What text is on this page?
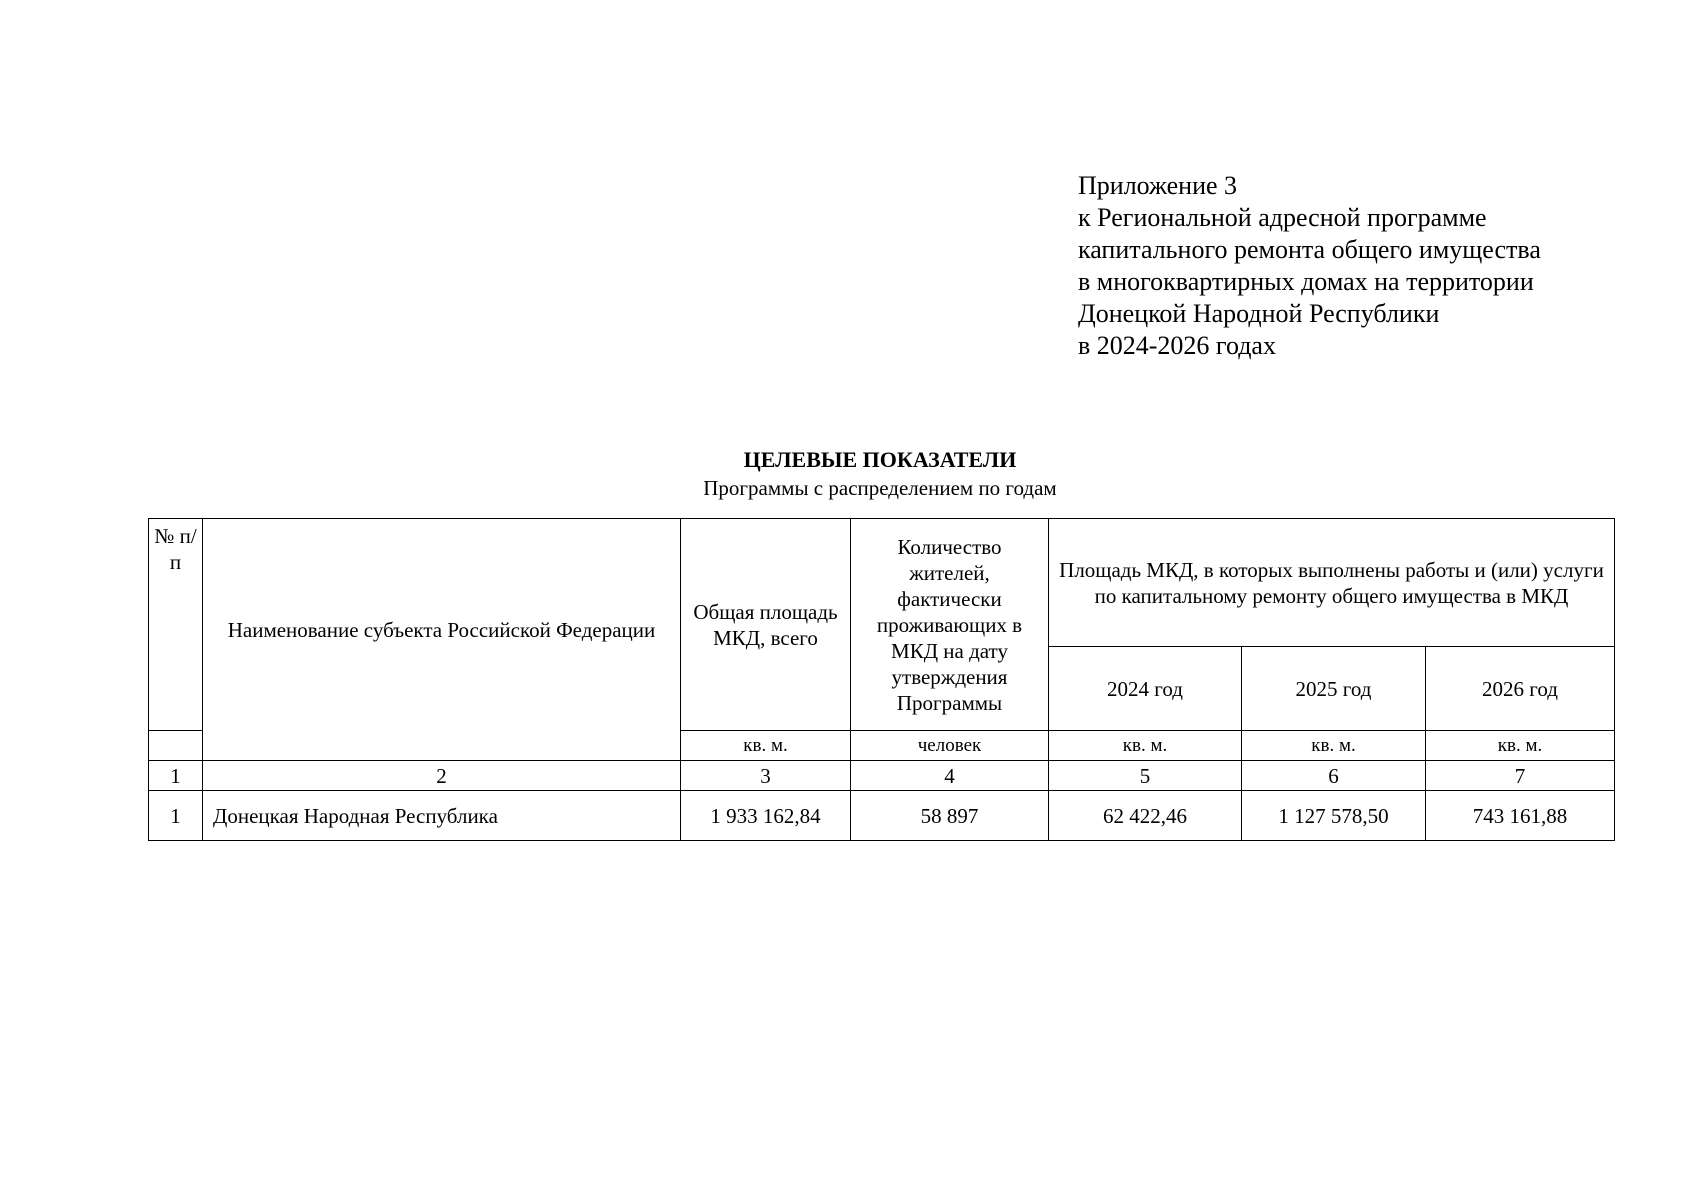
Приложение 3
к Региональной адресной программе
капитального ремонта общего имущества
в многоквартирных домах на территории
Донецкой Народной Республики
в 2024-2026 годах
ЦЕЛЕВЫЕ ПОКАЗАТЕЛИ
Программы с распределением по годам
№ п/п	Наименование субъекта Российской Федерации	Общая площадь МКД, всего	Количество жителей, фактически проживающих в МКД на дату утверждения Программы	Площадь МКД, в которых выполнены работы и (или) услуги по капитальному ремонту общего имущества в МКД		
				2024 год	2025 год	2026 год
		кв. м.	человек	кв. м.	кв. м.	кв. м.
1	2	3	4	5	6	7
1	Донецкая Народная Республика	1 933 162,84	58 897	62 422,46	1 127 578,50	743 161,88
